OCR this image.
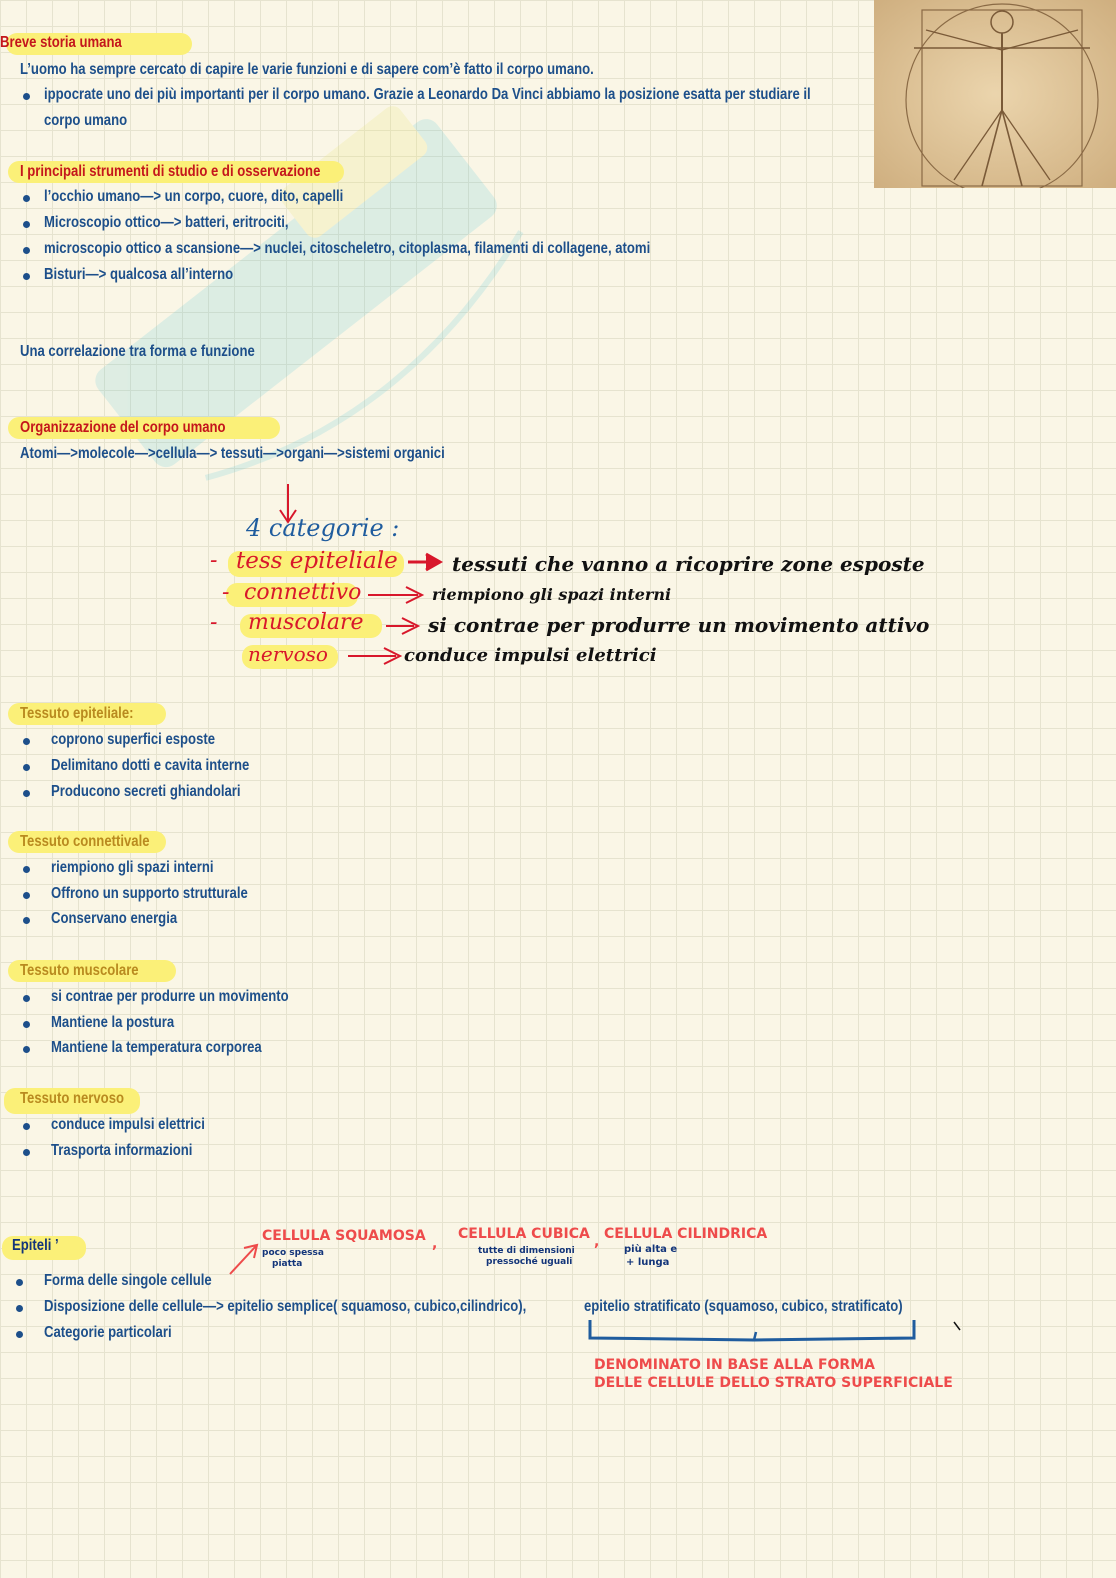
Breve storia umana
L’uomo ha sempre cercato di capire le varie funzioni e di sapere com’è fatto il corpo umano.
ippocrate uno dei più importanti per il corpo umano. Grazie a Leonardo Da Vinci abbiamo la posizione esatta per studiare il
corpo umano
I principali strumenti di studio e di osservazione
l’occhio umano—> un corpo, cuore, dito, capelli
Microscopio ottico—> batteri, eritrociti,
microscopio ottico a scansione—> nuclei, citoscheletro, citoplasma, filamenti di collagene, atomi
Bisturi—> qualcosa all’interno
Una correlazione tra forma e funzione
Organizzazione del corpo umano
Atomi—>molecole—>cellula—> tessuti—>organi—>sistemi organici
4 categorie :
- tess epiteliale	tessuti che vanno a ricoprire zone esposte
- connettivo	riempiono gli spazi interni
- muscolare	si contrae per produrre un movimento attivo
nervoso	conduce impulsi elettrici
Tessuto epiteliale:
coprono superfici esposte
Delimitano dotti e cavita interne
Producono secreti ghiandolari
Tessuto connettivale
riempiono gli spazi interni
Offrono un supporto strutturale
Conservano energia
Tessuto muscolare
si contrae per produrre un movimento
Mantiene la postura
Mantiene la temperatura corporea
Tessuto nervoso
conduce impulsi elettrici
Trasporta informazioni
Epiteli ’
Forma delle singole cellule
Disposizione delle cellule—> epitelio semplice( squamoso, cubico,cilindrico),	epitelio stratificato (squamoso, cubico, stratificato)
Categorie particolari
CELLULA SQUAMOSA ,
CELLULA CUBICA , CELLULA CILINDRICA
poco spessa
piatta
tutte di dimensioni
pressoché uguali
più alta e
+ lunga
DENOMINATO IN BASE ALLA FORMA
DELLE CELLULE DELLO STRATO SUPERFICIALE
